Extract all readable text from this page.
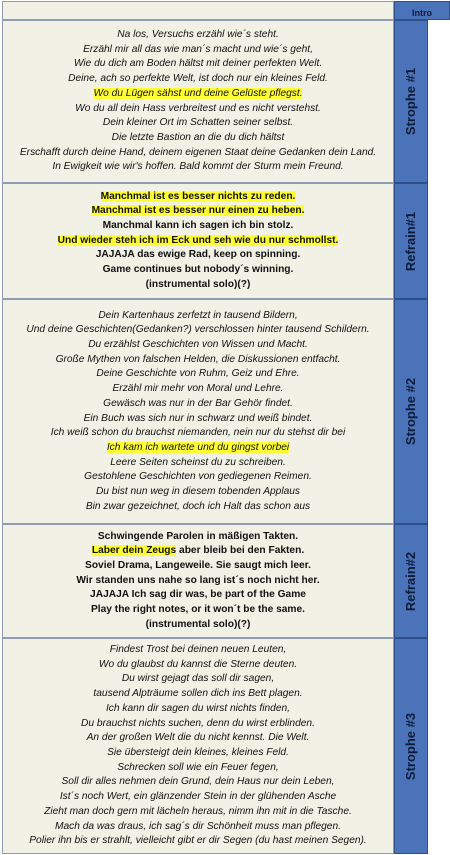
Intro
Na los, Versuchs erzähl wie´s steht.
Erzähl mir all das wie man´s macht und wie´s geht,
Wie du dich am Boden hältst mit deiner perfekten Welt.
Deine, ach so perfekte Welt, ist doch nur ein kleines Feld.
Wo du Lügen sähst und deine Gelüste pflegst.
Wo du all dein Hass verbreitest und es nicht verstehst.
Dein kleiner Ort im Schatten seiner selbst.
Die letzte Bastion an die du dich hältst
Erschafft durch deine Hand, deinem eigenen Staat deine Gedanken dein Land.
In Ewigkeit wie wir's hoffen. Bald kommt der Sturm mein Freund.
Strophe #1
Manchmal ist es besser nichts zu reden.
Manchmal ist es besser nur einen zu heben.
Manchmal kann ich sagen ich bin stolz.
Und wieder steh ich im Eck und seh wie du nur schmollst.
JAJAJA das ewige Rad, keep on spinning.
Game continues but nobody´s winning.
(instrumental solo)(?)
Refrain#1
Dein Kartenhaus zerfetzt in tausend Bildern,
Und deine Geschichten(Gedanken?) verschlossen hinter tausend Schildern.
Du erzählst Geschichten von Wissen und Macht.
Große Mythen von falschen Helden, die Diskussionen entfacht.
Deine Geschichte von Ruhm, Geiz und Ehre.
Erzähl mir mehr von Moral und Lehre.
Gewäsch was nur in der Bar Gehör findet.
Ein Buch was sich nur in schwarz und weiß bindet.
Ich weiß schon du brauchst niemanden, nein nur du stehst dir bei
Ich kam ich wartete und du gingst vorbei
Leere Seiten scheinst du zu schreiben.
Gestohlene Geschichten von gediegenen Reimen.
Du bist nun weg in diesem tobenden Applaus
Bin zwar gezeichnet, doch ich Halt das schon aus
Strophe #2
Schwingende Parolen in mäßigen Takten.
Laber dein Zeugs aber bleib bei den Fakten.
Soviel Drama, Langeweile. Sie saugt mich leer.
Wir standen uns nahe so lang ist´s noch nicht her.
JAJAJA Ich sag dir was, be part of the Game
Play the right notes, or it won´t be the same.
(instrumental solo)(?)
Refrain#2
Findest Trost bei deinen neuen Leuten,
Wo du glaubst du kannst die Sterne deuten.
Du wirst gejagt das soll dir sagen,
tausend Alpträume sollen dich ins Bett plagen.
Ich kann dir sagen du wirst nichts finden,
Du brauchst nichts suchen, denn du wirst erblinden.
An der großen Welt die du nicht kennst. Die Welt.
Sie übersteigt dein kleines, kleines Feld.
Schrecken soll wie ein Feuer fegen,
Soll dir alles nehmen dein Grund, dein Haus nur dein Leben,
Ist´s noch Wert, ein glänzender Stein in der glühenden Asche
Zieht man doch gern mit lächeln heraus, nimm ihn mit in die Tasche.
Mach da was draus, ich sag´s dir Schönheit muss man pflegen.
Polier ihn bis er strahlt, vielleicht gibt er dir Segen (du hast meinen Segen).
Strophe #3
